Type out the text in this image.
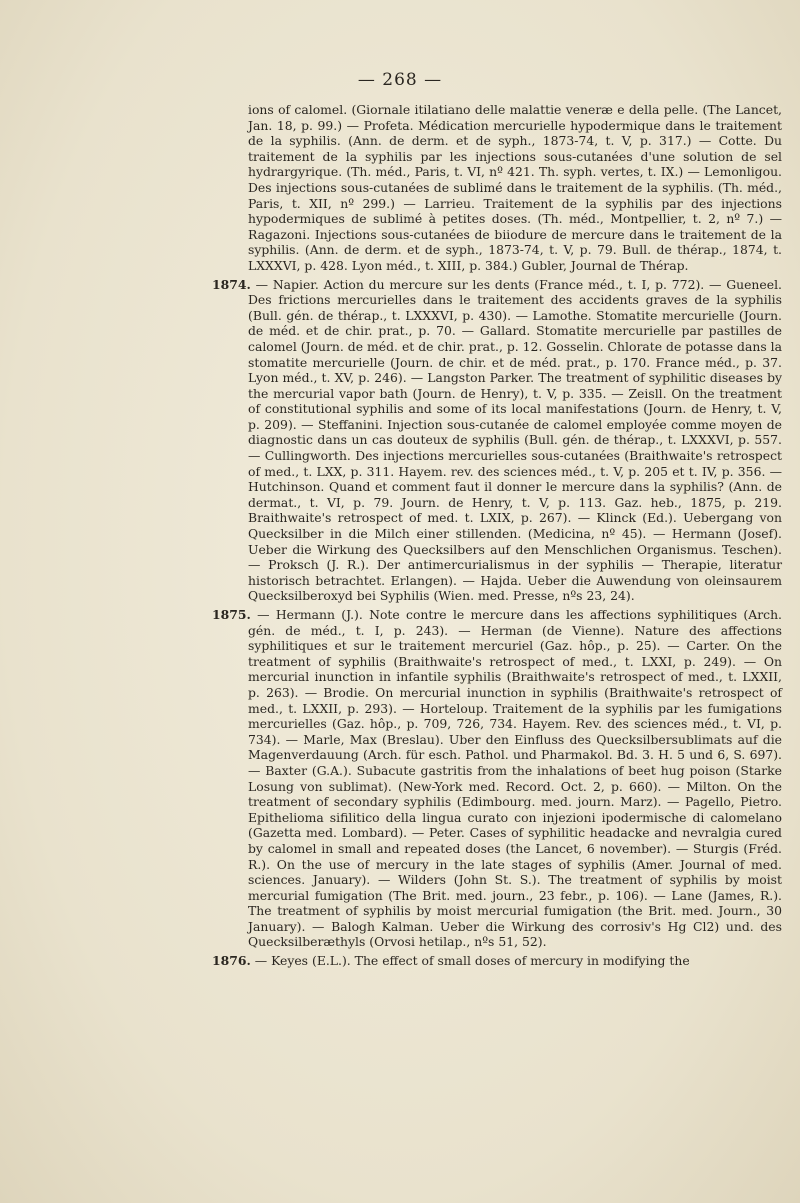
— 268 —

ions of calomel. (Giornale itilatiano delle malattie veneræ e della pelle. (The Lancet, Jan. 18, p. 99.) — Profeta. Médication mercurielle hypodermique dans le traitement de la syphilis. (Ann. de derm. et de syph., 1873-74, t. V, p. 317.) — Cotte. Du traitement de la syphilis par les injections sous-cutanées d'une solution de sel hydrargyrique. (Th. méd., Paris, t. VI, nº 421. Th. syph. vertes, t. IX.) — Lemonligou. Des injections sous-cutanées de sublimé dans le traitement de la syphilis. (Th. méd., Paris, t. XII, nº 299.) — Larrieu. Traitement de la syphilis par des injections hypodermiques de sublimé à petites doses. (Th. méd., Montpellier, t. 2, nº 7.) — Ragazoni. Injections sous-cutanées de biiodure de mercure dans le traitement de la syphilis. (Ann. de derm. et de syph., 1873-74, t. V, p. 79. Bull. de thérap., 1874, t. LXXXVI, p. 428. Lyon méd., t. XIII, p. 384.) Gubler, Journal de Thérap.

1874. — Napier. Action du mercure sur les dents (France méd., t. I, p. 772). — Gueneel. Des frictions mercurielles dans le traitement des accidents graves de la syphilis (Bull. gén. de thérap., t. LXXXVI, p. 430). — Lamothe. Stomatite mercurielle (Journ. de méd. et de chir. prat., p. 70. — Gallard. Stomatite mercurielle par pastilles de calomel (Journ. de méd. et de chir. prat., p. 12. Gosselin. Chlorate de potasse dans la stomatite mercurielle (Journ. de chir. et de méd. prat., p. 170. France méd., p. 37. Lyon méd., t. XV, p. 246). — Langston Parker. The treatment of syphilitic diseases by the mercurial vapor bath (Journ. de Henry), t. V, p. 335. — Zeisll. On the treatment of constitutional syphilis and some of its local manifestations (Journ. de Henry, t. V, p. 209). — Steffanini. Injection sous-cutanée de calomel employée comme moyen de diagnostic dans un cas douteux de syphilis (Bull. gén. de thérap., t. LXXXVI, p. 557. — Cullingworth. Des injections mercurielles sous-cutanées (Braithwaite's retrospect of med., t. LXX, p. 311. Hayem. rev. des sciences méd., t. V, p. 205 et t. IV, p. 356. — Hutchinson. Quand et comment faut il donner le mercure dans la syphilis? (Ann. de dermat., t. VI, p. 79. Journ. de Henry, t. V, p. 113. Gaz. heb., 1875, p. 219. Braithwaite's retrospect of med. t. LXIX, p. 267). — Klinck (Ed.). Uebergang von Quecksilber in die Milch einer stillenden. (Medicina, nº 45). — Hermann (Josef). Ueber die Wirkung des Quecksilbers auf den Menschlichen Organismus. Teschen). — Proksch (J. R.). Der antimercurialismus in der syphilis — Therapie, literatur historisch betrachtet. Erlangen). — Hajda. Ueber die Auwendung von oleinsaurem Quecksilberoxyd bei Syphilis (Wien. med. Presse, nºs 23, 24).

1875. — Hermann (J.). Note contre le mercure dans les affections syphilitiques (Arch. gén. de méd., t. I, p. 243). — Herman (de Vienne). Nature des affections syphilitiques et sur le traitement mercuriel (Gaz. hôp., p. 25). — Carter. On the treatment of syphilis (Braithwaite's retrospect of med., t. LXXI, p. 249). — On mercurial inunction in infantile syphilis (Braithwaite's retrospect of med., t. LXXII, p. 263). — Brodie. On mercurial inunction in syphilis (Braithwaite's retrospect of med., t. LXXII, p. 293). — Horteloup. Traitement de la syphilis par les fumigations mercurielles (Gaz. hôp., p. 709, 726, 734. Hayem. Rev. des sciences méd., t. VI, p. 734). — Marle, Max (Breslau). Uber den Einfluss des Quecksilbersublimats auf die Magenverdauung (Arch. für esch. Pathol. und Pharmakol. Bd. 3. H. 5 und 6, S. 697). — Baxter (G.A.). Subacute gastritis from the inhalations of beet hug poison (Starke Losung von sublimat). (New-York med. Record. Oct. 2, p. 660). — Milton. On the treatment of secondary syphilis (Edimbourg. med. journ. Marz). — Pagello, Pietro. Epithelioma sifilitico della lingua curato con injezioni ipodermische di calomelano (Gazetta med. Lombard). — Peter. Cases of syphilitic headacke and nevralgia cured by calomel in small and repeated doses (the Lancet, 6 november). — Sturgis (Fréd. R.). On the use of mercury in the late stages of syphilis (Amer. Journal of med. sciences. January). — Wilders (John St. S.). The treatment of syphilis by moist mercurial fumigation (The Brit. med. journ., 23 febr., p. 106). — Lane (James, R.). The treatment of syphilis by moist mercurial fumigation (the Brit. med. Journ., 30 January). — Balogh Kalman. Ueber die Wirkung des corrosiv's Hg Cl2) und. des Quecksilberæthyls (Orvosi hetilap., nºs 51, 52).

1876. — Keyes (E.L.). The effect of small doses of mercury in modifying the
